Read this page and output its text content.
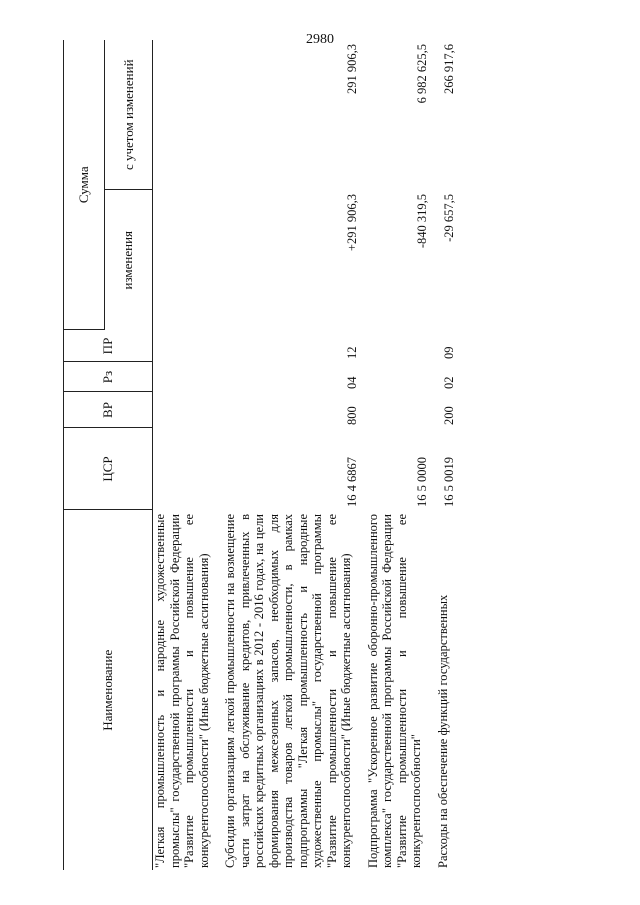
2980
Наименование	ЦСР	ВР	Рз	ПР	Сумма	
					изменения	с учетом изменений
"Легкая промышленность и народные художественные промыслы" государственной программы Российской Федерации "Развитие промышленности и повышение ее конкурентоспособности" (Иные бюджетные ассигнования)						
Субсидии организациям легкой промышленности на возмещение части затрат на обслуживание кредитов, привлеченных в российских кредитных организациях в 2012 - 2016 годах, на цели формирования межсезонных запасов, необходимых для производства товаров легкой промышленности, в рамках подпрограммы "Легкая промышленность и народные художественные промыслы" государственной программы "Развитие промышленности и повышение ее конкурентоспособности" (Иные бюджетные ассигнования)	16 4 6867	800	04	12	+291 906,3	291 906,3
Подпрограмма "Ускоренное развитие оборонно-промышленного комплекса" государственной программы Российской Федерации "Развитие промышленности и повышение ее конкурентоспособности"	16 5 0000				-840 319,5	6 982 625,5
Расходы на обеспечение функций государственных	16 5 0019	200	02	09	-29 657,5	266 917,6
